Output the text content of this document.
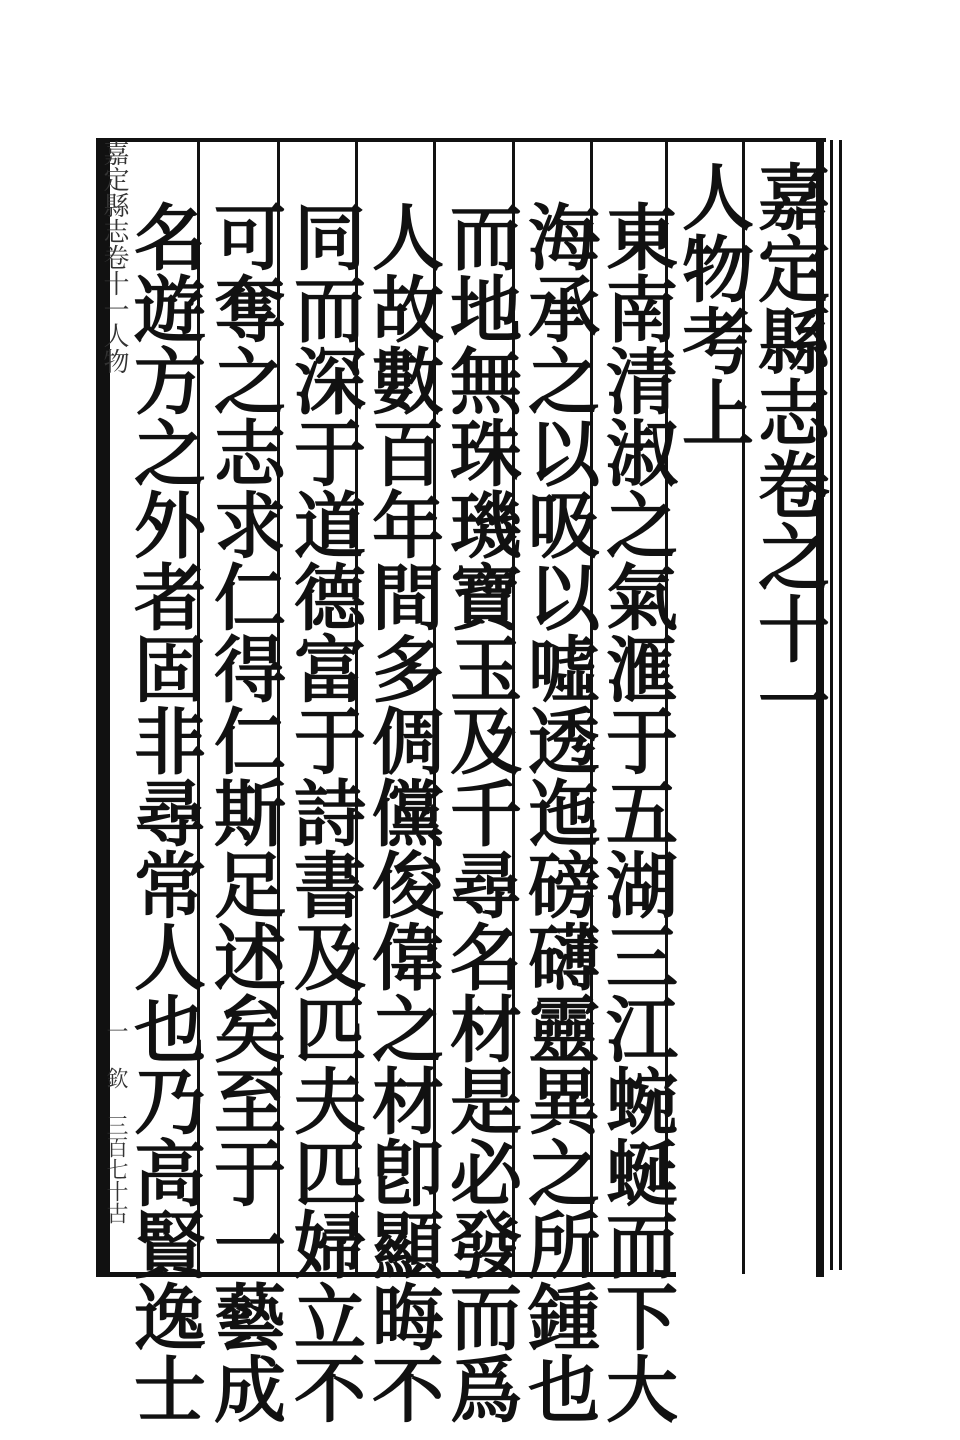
嘉定縣志卷十一人物
一 欽 三百七十古
嘉定縣志卷之十一
人物考上
東南清淑之氣滙于五湖三江蜿蜒而下大
海承之以吸以噓透迤磅礴靈異之所鍾也
而地無珠璣寶玉及千尋名材是必發而爲
人故數百年間多倜儻俊偉之材卽顯晦不
同而深于道德富于詩書及匹夫匹婦立不
可奪之志求仁得仁斯足述矣至于一藝成
名遊方之外者固非尋常人也乃高賢逸士
